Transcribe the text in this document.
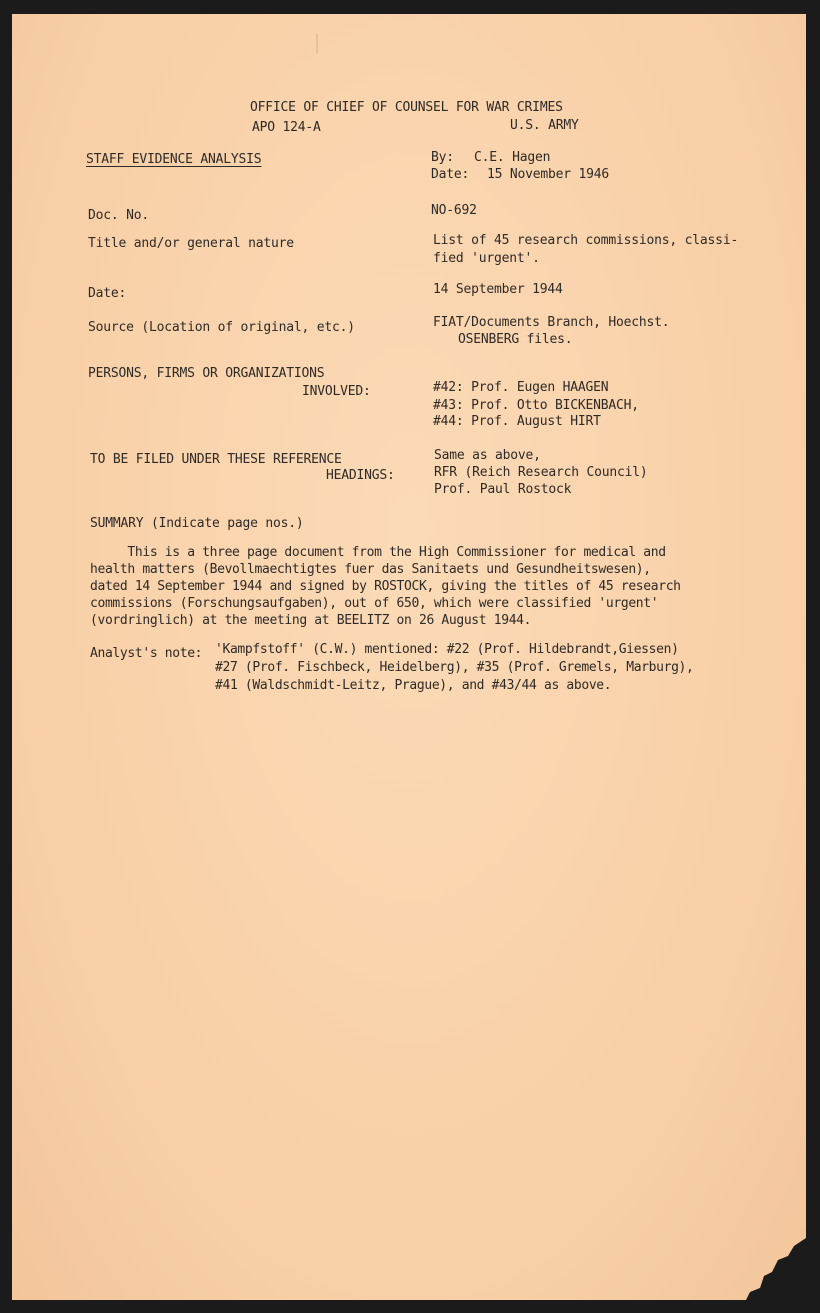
|
|
OFFICE OF CHIEF OF COUNSEL FOR WAR CRIMES
APO 124-A	U.S. ARMY
STAFF EVIDENCE ANALYSIS	By: C.E. Hagen
Date: 15 November 1946
Doc. No.	NO-692
Title and/or general nature	List of 45 research commissions, classi-
fied 'urgent'.
Date:	14 September 1944
Source (Location of original, etc.)	FIAT/Documents Branch, Hoechst.
OSENBERG files.
PERSONS, FIRMS OR ORGANIZATIONS
INVOLVED:	#42: Prof. Eugen HAAGEN
#43: Prof. Otto BICKENBACH,
#44: Prof. August HIRT
TO BE FILED UNDER THESE REFERENCE
HEADINGS:
Same as above,
RFR (Reich Research Council)
Prof. Paul Rostock
SUMMARY (Indicate page nos.)
This is a three page document from the High Commissioner for medical and
health matters (Bevollmaechtigtes fuer das Sanitaets und Gesundheitswesen),
dated 14 September 1944 and signed by ROSTOCK, giving the titles of 45 research
commissions (Forschungsaufgaben), out of 650, which were classified 'urgent'
(vordringlich) at the meeting at BEELITZ on 26 August 1944.
Analyst's note: 'Kampfstoff' (C.W.) mentioned: #22 (Prof. Hildebrandt,Giessen)
#27 (Prof. Fischbeck, Heidelberg), #35 (Prof. Gremels, Marburg),
#41 (Waldschmidt-Leitz, Prague), and #43/44 as above.
